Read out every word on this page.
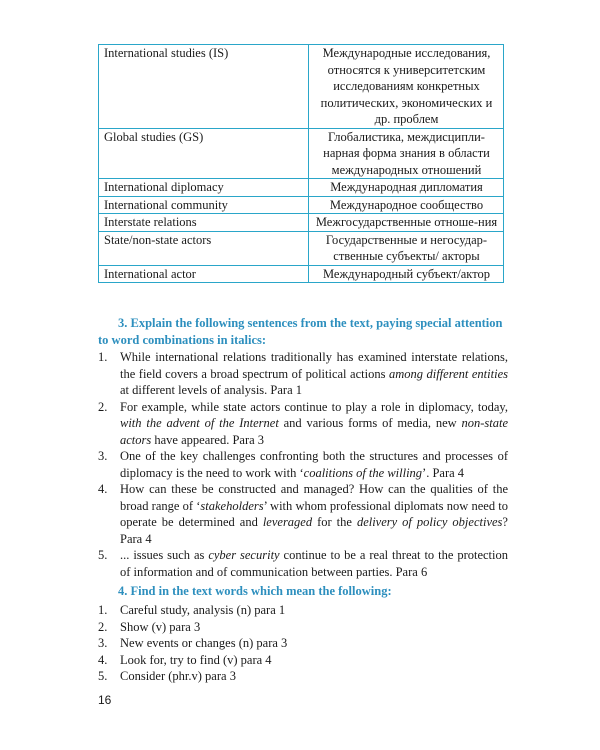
International studies (IS)	Международные исследования, относятся к университетским исследованиям конкретных политических, экономических и др. проблем
Global studies (GS)	Глобалистика, междисципли-нарная форма знания в области международных отношений
International diplomacy	Международная дипломатия
International community	Международное сообщество
Interstate relations	Межгосударственные отноше-ния
State/non-state actors	Государственные и негосудар-ственные субъекты/ акторы
International actor	Международный субъект/актор
3. Explain the following sentences from the text, paying special attention to word combinations in italics:
1. While international relations traditionally has examined interstate relations, the field covers a broad spectrum of political actions among different entities at different levels of analysis. Para 1
2. For example, while state actors continue to play a role in diplomacy, today, with the advent of the Internet and various forms of media, new non-state actors have appeared. Para 3
3. One of the key challenges confronting both the structures and processes of diplomacy is the need to work with ‘coalitions of the willing’. Para 4
4. How can these be constructed and managed? How can the qualities of the broad range of ‘stakeholders’ with whom professional diplomats now need to operate be determined and leveraged for the delivery of policy objectives? Para 4
5. ... issues such as cyber security continue to be a real threat to the protection of information and of communication between parties. Para 6
4. Find in the text words which mean the following:
1. Careful study, analysis (n) para 1
2. Show (v) para 3
3. New events or changes (n) para 3
4. Look for, try to find (v) para 4
5. Consider (phr.v) para 3
16
